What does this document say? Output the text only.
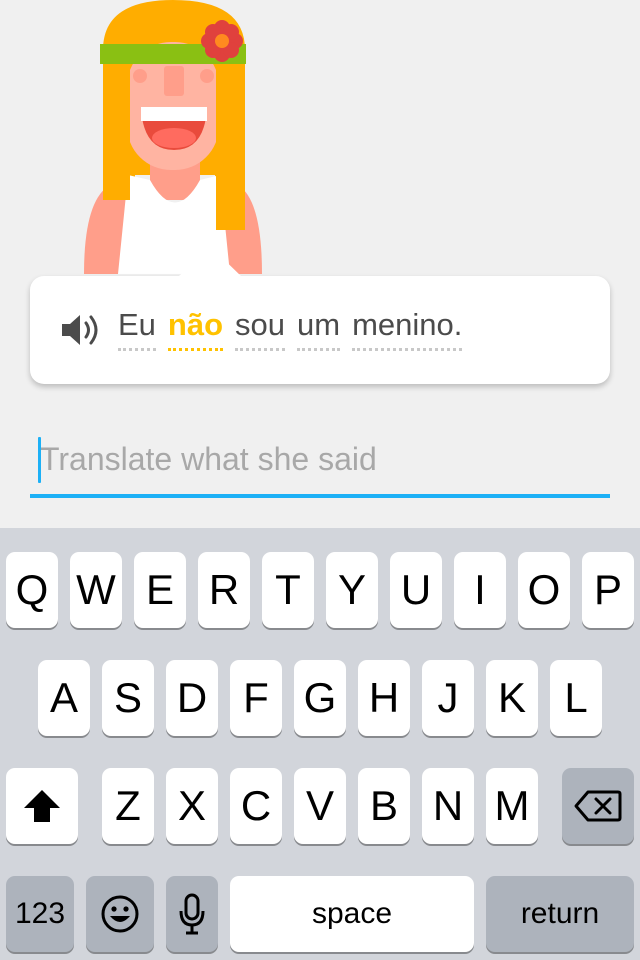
Eu não sou um menino.
Translate what she said
Q W E R T Y U	I O P
A S D F G H J K L
Z X C V B N M
123	space	return
